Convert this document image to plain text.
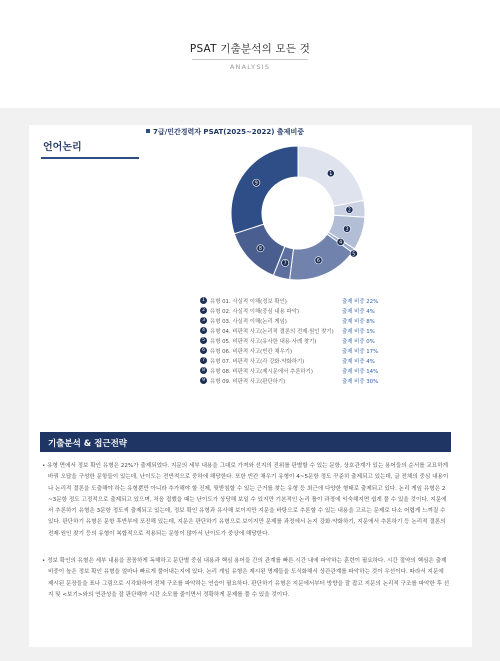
PSAT 기출분석의 모든 것
ANALYSIS
언어논리
7급/민간경력자 PSAT(2025~2022) 출제비중
1
2
3
4
5
6
7
8
9
1 유형 01. 사실적 이해(정보 확인)	출제 비중 22%
2 유형 02. 사실적 이해(중심 내용 파악)	출제 비중 4%
3 유형 03. 사실적 이해(논리 게임)	출제 비중 8%
4 유형 04. 비판적 사고(논리적 결론의 전제·원인 찾기) 출제 비중 1%
5 유형 05. 비판적 사고(유사한 내용·사례 찾기)	출제 비중 0%
6 유형 06. 비판적 사고(빈칸 채우기)	출제 비중 17%
7 유형 07. 비판적 사고(각 강화·약화하기)	출제 비중 4%
8 유형 08. 비판적 사고(제시문에서 추론하기)	출제 비중 14%
9 유형 09. 비판적 사고(판단하기)	출제 비중 30%
기출분석 & 접근전략
• 유형 면에서 정보 확인 유형은 22%가 출제되었다. 지문의 세부 내용을 그대로 가져와 선지의 진위를 판별할 수 있는 문항, 상호관계가 있는 용어들의 순서를 교묘하게 바꿔 오답을 구성한 문항들이 있는데, 난이도는 전반적으로 중하에 해당한다. 또한 빈칸 채우기 유형이 4~5문항 정도 꾸준히 출제되고 있는데, 글 전체의 중심 내용이나 논리적 결론을 도출해야 하는 유형뿐만 아니라 추가해야 할 진제, 뒷받침할 수 있는 근거를 찾는 유형 등 최근에 다양한 형태로 출제되고 있다. 논리 게임 유형은 2~3문항 정도 고정적으로 출제되고 있으며, 처음 접했을 때는 난이도가 상당해 보일 수 있지만 기본적인 논리 틀이 과정에 익숙해지면 쉽게 풀 수 있을 것이다. 지문에서 추론하기 유형은 3문항 정도씩 출제되고 있는데, 정보 확인 유형과 유사해 보이지만 지문을 바탕으로 추론할 수 있는 내용을 고르는 문제로 다소 어렵게 느껴질 수 있다. 판단하기 유형은 문항 후반부에 포진해 있는데, 지문은 판단하기 유형으로 보이지만 문제를 과정에서 논지 강화·약화하기, 지문에서 추론하기 등 논리적 결론의 전제·원인 찾기 등의 유형이 복합적으로 적용되는 문항이 많아서 난이도가 중상에 해당한다.
• 정보 확인의 유형은 세부 내용을 꼼꼼하게 독해하고 문단별 중심 내용과 핵심 용어들 간의 관계를 빠른 시간 내에 파악하는 훈련이 필요하다. 시간 절약의 핵심은 출제 비중이 높은 정보 확인 유형을 얼마나 빠르게 풀어내는지에 있다. 논리 게임 유형은 제시된 명제들을 도식화해서 상관관계를 파악하는 것이 우선이다. 따라서 지문에 제시된 문장들을 표나 그림으로 시각화하여 전체 구조를 파악하는 연습이 필요하다. 판단하기 유형은 지문에서부터 방향을 잘 잡고 지문의 논리적 구조를 파악한 후 선지 및 <보기>와의 연관성을 잘 판단해야 시간 소모를 줄이면서 정확하게 문제를 풀 수 있을 것이다.
